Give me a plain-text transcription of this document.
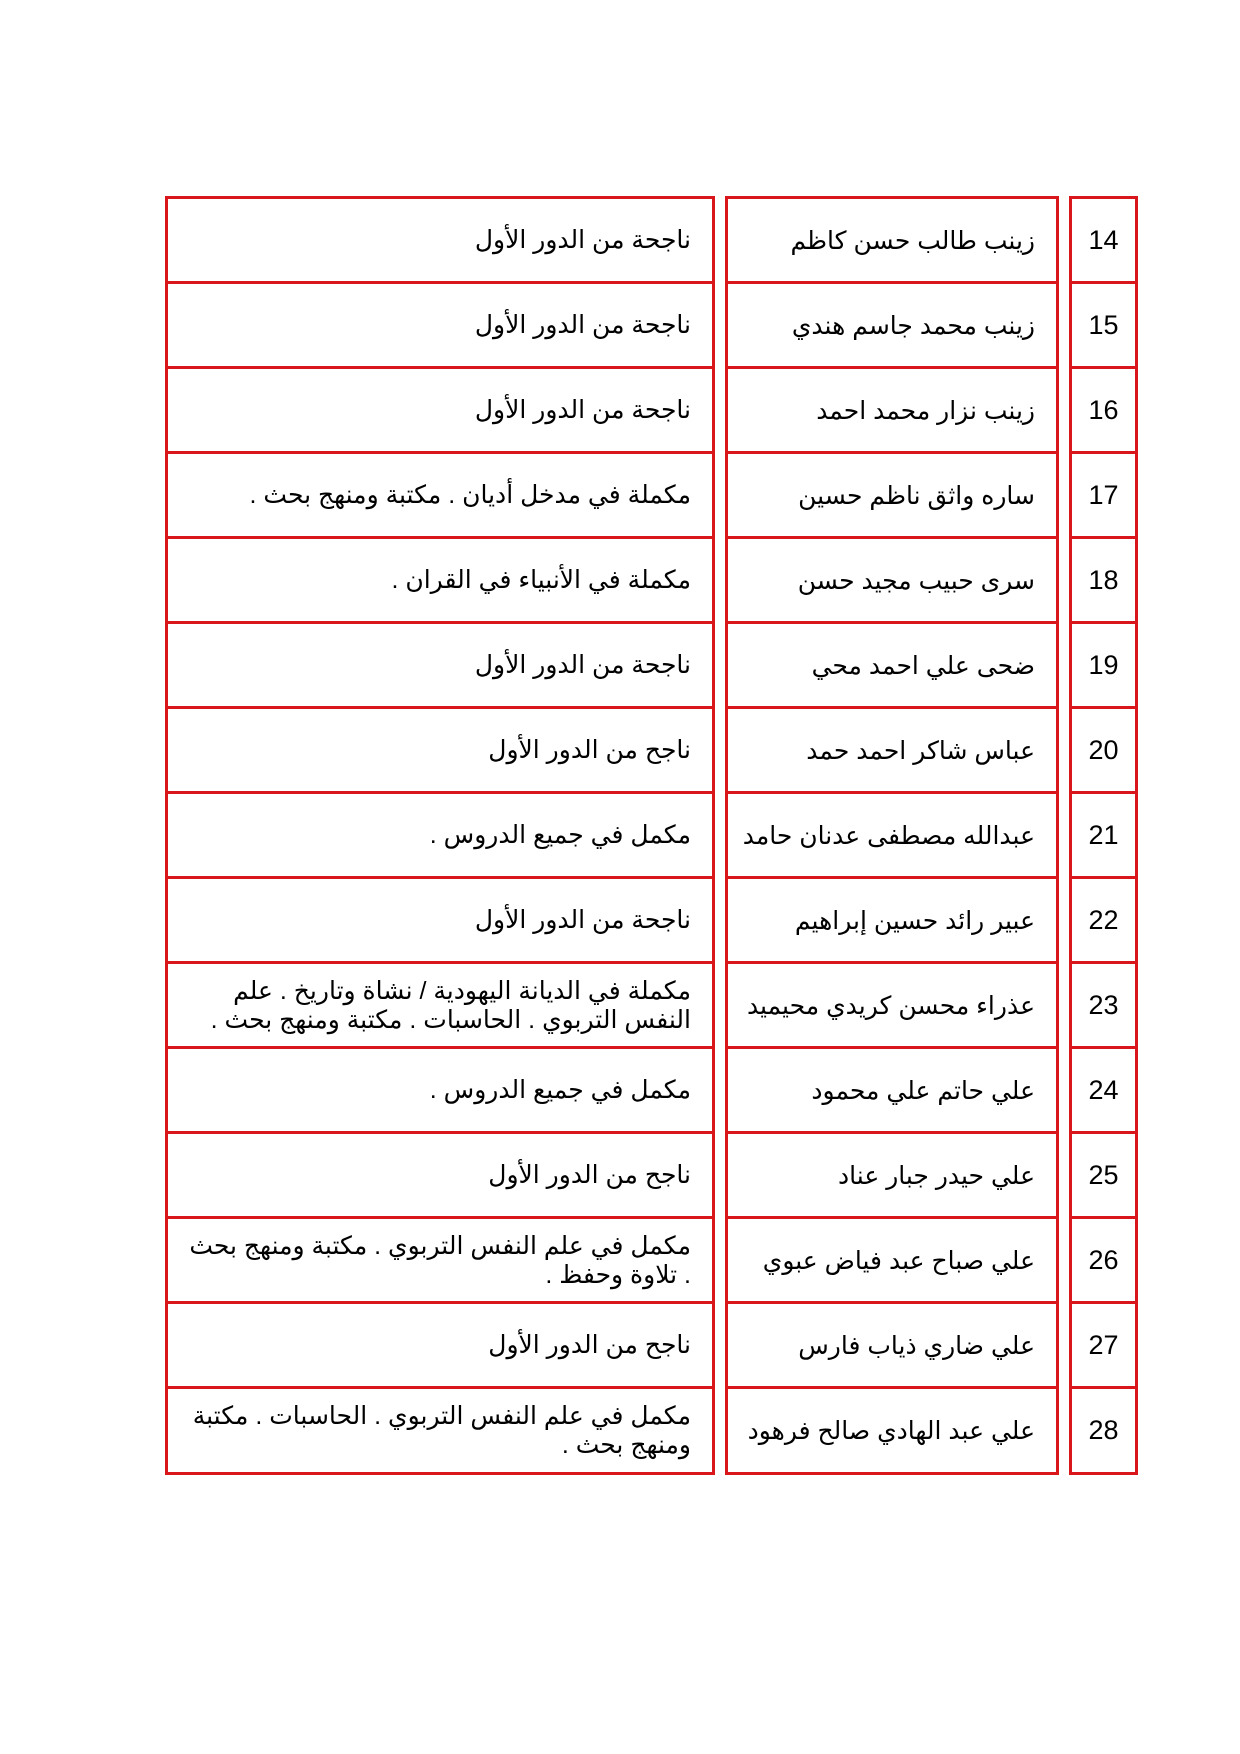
ناجحة من الدور الأول	زينب طالب حسن كاظم	14
ناجحة من الدور الأول	زينب محمد جاسم هندي	15
ناجحة من الدور الأول	زينب نزار محمد احمد	16
مكملة في مدخل أديان . مكتبة ومنهج بحث .	ساره واثق ناظم حسين	17
مكملة في الأنبياء في القران .	سرى حبيب مجيد حسن	18
ناجحة من الدور الأول	ضحى علي احمد محي	19
ناجح من الدور الأول	عباس شاكر احمد حمد	20
مكمل في جميع الدروس .	عبدالله مصطفى عدنان حامد	21
ناجحة من الدور الأول	عبير رائد حسين إبراهيم	22
مكملة في الديانة اليهودية / نشاة وتاريخ . علم النفس التربوي . الحاسبات . مكتبة ومنهج بحث .	عذراء محسن كريدي محيميد	23
مكمل في جميع الدروس .	علي حاتم علي محمود	24
ناجح من الدور الأول	علي حيدر جبار عناد	25
مكمل في علم النفس التربوي . مكتبة ومنهج بحث . تلاوة وحفظ .	علي صباح عبد فياض عبوي	26
ناجح من الدور الأول	علي ضاري ذياب فارس	27
مكمل في علم النفس التربوي . الحاسبات . مكتبة ومنهج بحث .	علي عبد الهادي صالح فرهود	28
